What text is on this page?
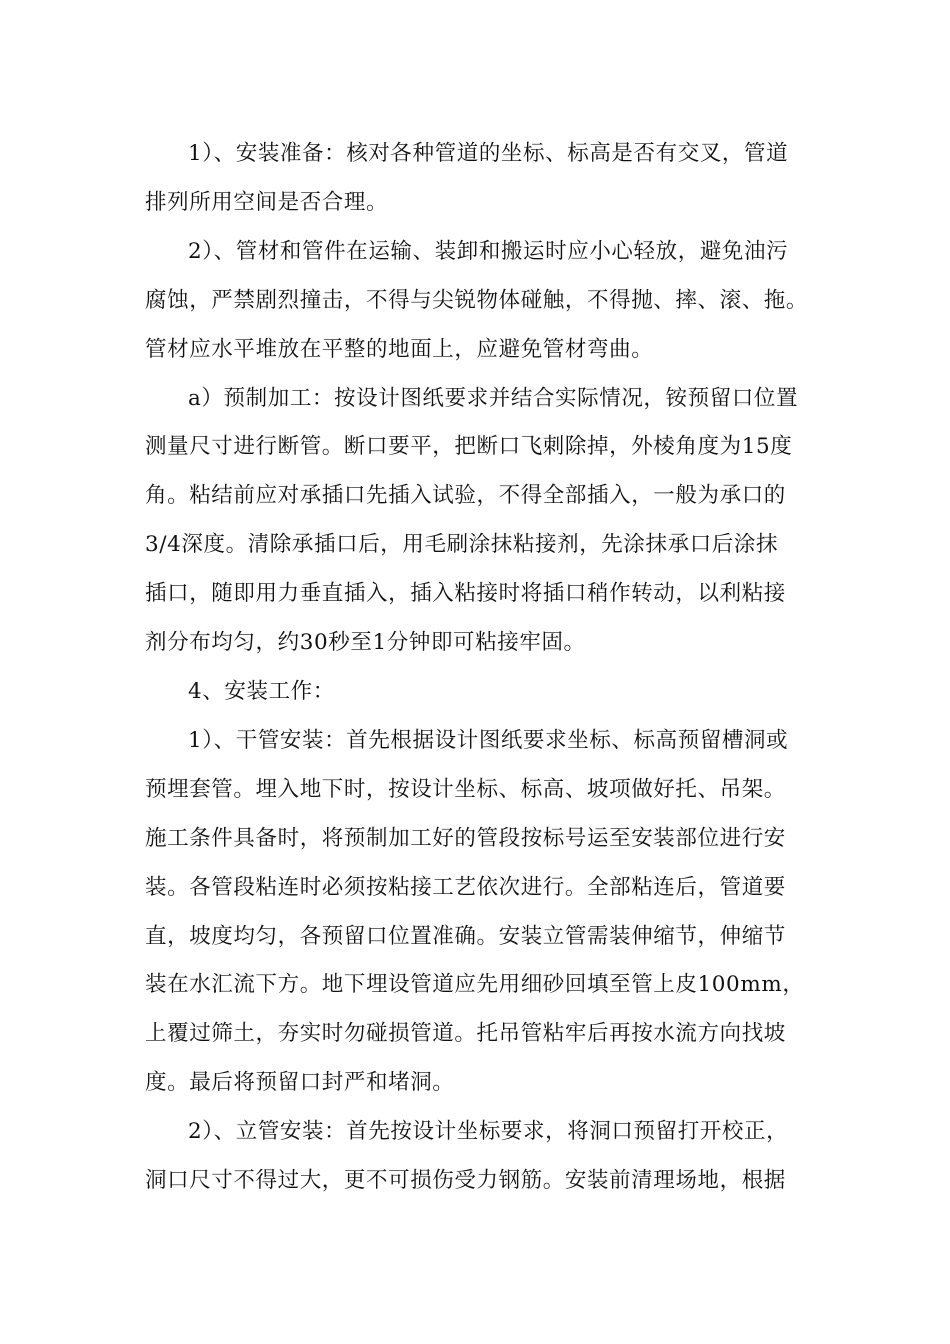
1）、安装准备：核对各种管道的坐标、标高是否有交叉，管道
排列所用空间是否合理。

2）、管材和管件在运输、装卸和搬运时应小心轻放，避免油污
腐蚀，严禁剧烈撞击，不得与尖锐物体碰触，不得抛、摔、滚、拖。
管材应水平堆放在平整的地面上，应避免管材弯曲。

a）预制加工：按设计图纸要求并结合实际情况，铵预留口位置
测量尺寸进行断管。断口要平，把断口飞刺除掉，外棱角度为15度
角。粘结前应对承插口先插入试验，不得全部插入，一般为承口的
3/4深度。清除承插口后，用毛刷涂抹粘接剂，先涂抹承口后涂抹
插口，随即用力垂直插入，插入粘接时将插口稍作转动，以利粘接
剂分布均匀，约30秒至1分钟即可粘接牢固。

4、安装工作：

1）、干管安装：首先根据设计图纸要求坐标、标高预留槽洞或
预埋套管。埋入地下时，按设计坐标、标高、坡项做好托、吊架。
施工条件具备时，将预制加工好的管段按标号运至安装部位进行安
装。各管段粘连时必须按粘接工艺依次进行。全部粘连后，管道要
直，坡度均匀，各预留口位置准确。安装立管需装伸缩节，伸缩节
装在水汇流下方。地下埋设管道应先用细砂回填至管上皮100mm，
上覆过筛土，夯实时勿碰损管道。托吊管粘牢后再按水流方向找坡
度。最后将预留口封严和堵洞。

2）、立管安装：首先按设计坐标要求，将洞口预留打开校正，
洞口尺寸不得过大，更不可损伤受力钢筋。安装前清理场地，根据
